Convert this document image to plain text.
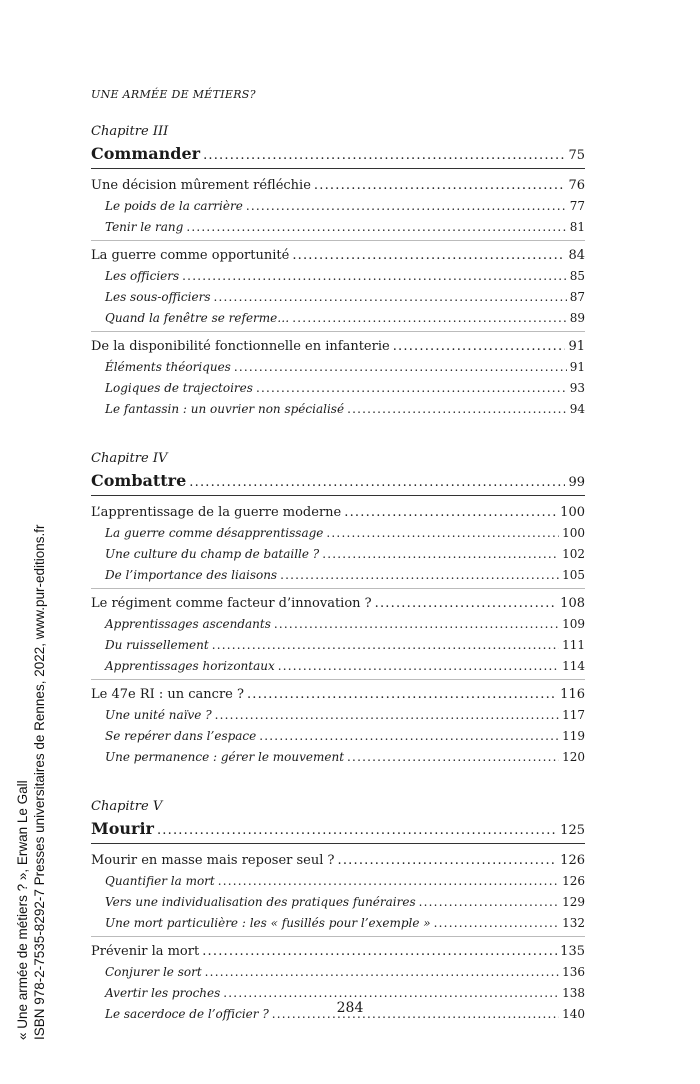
UNE ARMÉE DE MÉTIERS?
Chapitre III
Commander .....	75
Une décision mûrement réfléchie .....	76
Le poids de la carrière .....	77
Tenir le rang .....	81
La guerre comme opportunité .....	84
Les officiers .....	85
Les sous-officiers .....	87
Quand la fenêtre se referme… .....	89
De la disponibilité fonctionnelle en infanterie .....	91
Éléments théoriques .....	91
Logiques de trajectoires .....	93
Le fantassin : un ouvrier non spécialisé .....	94
Chapitre IV
Combattre .....	99
L’apprentissage de la guerre moderne .....	100
La guerre comme désapprentissage .....	100
Une culture du champ de bataille ? .....	102
De l’importance des liaisons .....	105
Le régiment comme facteur d’innovation ? .....	108
Apprentissages ascendants .....	109
Du ruissellement .....	111
Apprentissages horizontaux .....	114
Le 47e RI : un cancre ? .....	116
Une unité naïve ? .....	117
Se repérer dans l’espace .....	119
Une permanence : gérer le mouvement .....	120
Chapitre V
Mourir .....	125
Mourir en masse mais reposer seul ? .....	126
Quantifier la mort .....	126
Vers une individualisation des pratiques funéraires .....	129
Une mort particulière : les « fusillés pour l’exemple » .....	132
Prévenir la mort .....	135
Conjurer le sort .....	136
Avertir les proches .....	138
Le sacerdoce de l’officier ? .....	140
284
« Une armée de métiers ? », Erwan Le Gall ISBN 978-2-7535-8292-7 Presses universitaires de Rennes, 2022, www.pur-editions.fr
